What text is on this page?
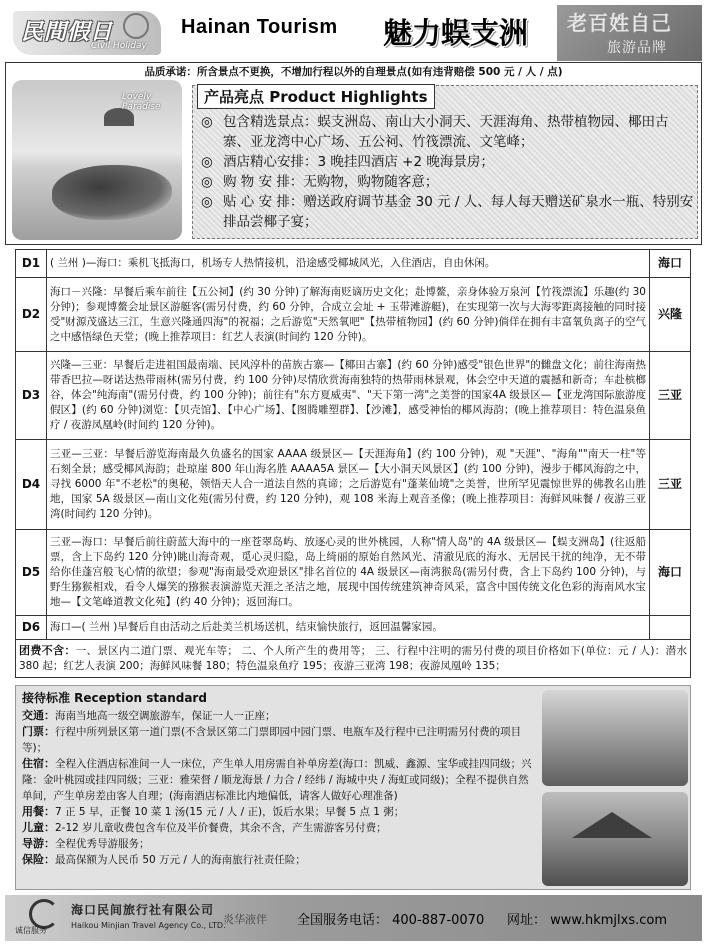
民間假日
Civil Holiday
Hainan Tourism 魅力蜈支洲 老百姓自己
旅游品牌
品质承诺：所含景点不更换，不增加行程以外的自理景点(如有违背赔偿 500 元 / 人 / 点)
Lovely Paradise
产品亮点 Product Highlights
◎ 包含精选景点：蜈支洲岛、南山大小洞天、天涯海角、热带植物园、椰田古寨、亚龙湾中心广场、五公祠、竹筏漂流、文笔峰；
◎ 酒店精心安排：3 晚挂四酒店 +2 晚海景房；
◎ 购 物 安 排：无购物，购物随客意；
◎ 贴 心 安 排：赠送政府调节基金 30 元 / 人、每人每天赠送矿泉水一瓶、特别安排品尝椰子宴；
D1	( 兰州 )—海口：乘机飞抵海口，机场专人热情接机，沿途感受椰城风光，入住酒店，自由休闲。	海口
D2	海口－兴隆：早餐后乘车前往【五公祠】(约 30 分钟)了解海南贬谪历史文化；赴博鳌，亲身体验万泉河【竹筏漂流】乐趣(约 30 分钟)；参观博鳌会址景区游艇客(需另付费，约 60 分钟，合成立会址 + 玉带滩游艇)，在实现第一次与大海零距离接触的同时接受"财源茂盛达三江，生意兴隆通四海"的祝福；之后游览"天然氧吧"【热带植物园】(约 60 分钟)倘佯在拥有丰富氧负离子的空气之中感悟绿色天堂；(晚上推荐项目：红艺人表演(时间约 120 分钟)。	兴隆
D3	兴隆—三亚：早餐后走进祖国最南端、民风淳朴的苗族古寨—【椰田古寨】(约 60 分钟)感受"银色世界"的雠盘文化；前往海南热带香巴拉—呀诺达热带雨林(需另付费，约 100 分钟)尽情欣赏海南独特的热带雨林景观，体会空中天道的震撼和新奇；车赴槟榔谷，体会"纯海南"(需另付费，约 100 分钟)；前往有"东方夏威夷"、"天下第一湾"之美誉的国家4A 级景区—【亚龙湾国际旅游度假区】(约 60 分钟)浏览：【贝壳馆】、【中心广场】、【图腾雕塑群】、【沙滩】，感受神怡的椰风海韵；(晚上推荐项目：特色温泉鱼疗 / 夜游凤凰岭(时间约 120 分钟)。	三亚
D4	三亚—三亚：早餐后游览海南最久负盛名的国家 AAAA 级景区—【天涯海角】(约 100 分钟)，观 "天涯"、"海角""南天一柱"等石刻全景；感受椰风海韵；赴琼崖 800 年山海名胜 AAAA5A 景区—【大小洞天风景区】(约 100 分钟)，漫步于椰风海韵之中，寻找 6000 年"不老松"的奥秘，领悟天人合一道法自然的真谛；之后游览有"蓬莱仙境"之美誉，世所罕见震惊世界的佛教名山胜地，国家 5A 级景区—南山文化苑(需另付费，约 120 分钟)，观 108 米海上观音圣像；(晚上推荐项目：海鲜风味餐 / 夜游三亚湾(时间约 120 分钟)。	三亚
D5	三亚—海口：早餐后前往蔚蓝大海中的一座苍翠岛屿、放逐心灵的世外桃园，人称"情人岛"的 4A 级景区—【蜈支洲岛】(往返船票，含上下岛约 120 分钟)眺山海奇观，觅心灵归隐，岛上绮丽的原始自然风光、清澈见底的海水、无居民干扰的纯净，无不带给你佳蓬宫般飞心情的欲望；参观"海南最受欢迎景区"排名首位的 4A 级景区—南湾猴岛(需另付费，含上下岛约 100 分钟)，与野生猕猴相戏，看令人爆笑的猕猴表演游览天涯之圣洁之地，展现中国传统建筑神奇风采，富含中国传统文化色彩的海南风水宝地—【文笔峰道教文化苑】(约 40 分钟)；返回海口。	海口
D6	海口—( 兰州 )早餐后自由活动之后赴美兰机场送机，结束愉快旅行，返回温馨家园。	
团费不含：一、景区内二道门票、观光车等； 二、个人所产生的费用等； 三、行程中注明的需另付费的项目价格如下(单位：元 / 人)：潜水 380 起；红艺人表演 200；海鲜风味餐 180；特色温泉鱼疗 195；夜游三亚湾 198；夜游凤凰岭 135；		
接待标准 Reception standard

交通：海南当地高一级空调旅游车，保证一人一正座；

门票：行程中所列景区第一道门票(不含景区第二门票即园中园门票、电瓶车及行程中已注明需另付费的项目等)；

住宿：全程入住酒店标准间一人一床位，产生单人用房需自补单房差(海口：凯威、鑫源、宝华或挂四同级；兴隆：金叶桃园或挂四同级；三亚：雅荣督 / 顺龙海景 / 力合 / 经纬 / 海城中央 / 海虹或同级)；全程不提供自然单间，产生单房差由客人自理；(海南酒店标准比内地偏低，请客人做好心理准备)

用餐：7 正 5 早，正餐 10 菜 1 汤(15 元 / 人 / 正)，饭后水果；早餐 5 点 1 粥；

儿童：2-12 岁儿童收费包含车位及半价餐费，其余不含，产生需游客另付费；

导游：全程优秀导游服务；

保险：最高保额为人民币 50 万元 / 人的海南旅行社责任险；

诚信服务
海口民间旅行社有限公司
Haikou Minjian Travel Agency Co., LTD.
炎华液伴 全国服务电话： 400-887-0070 网址： www.hkmjlxs.com
